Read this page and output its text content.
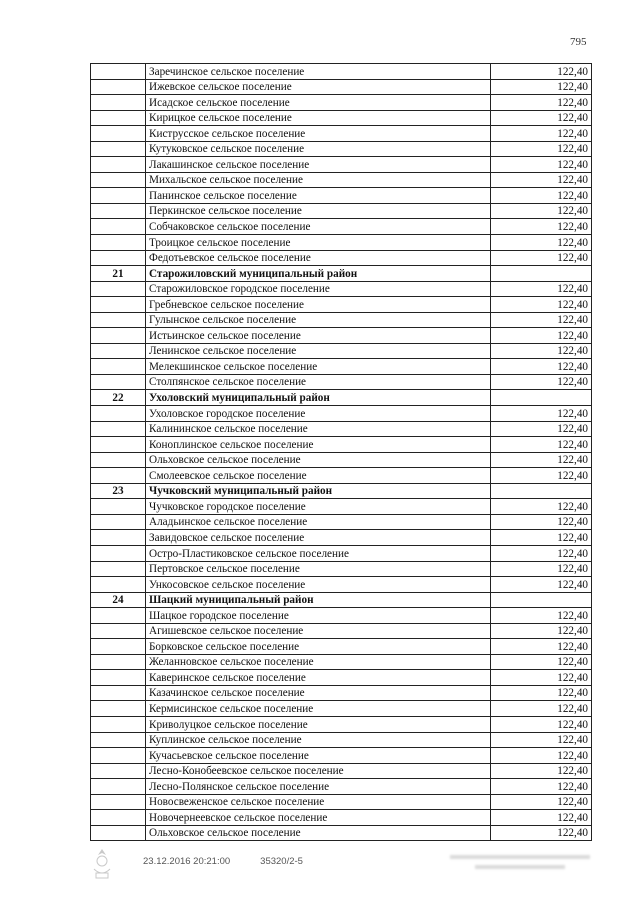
795
	Заречинское сельское поселение	122,40
	Ижевское сельское поселение	122,40
	Исадское сельское поселение	122,40
	Кирицкое сельское поселение	122,40
	Киструсское сельское поселение	122,40
	Кутуковское сельское поселение	122,40
	Лакашинское сельское поселение	122,40
	Михальское сельское поселение	122,40
	Панинское сельское поселение	122,40
	Перкинское сельское поселение	122,40
	Собчаковское сельское поселение	122,40
	Троицкое сельское поселение	122,40
	Федотьевское сельское поселение	122,40
21	Старожиловский муниципальный район	
	Старожиловское городское поселение	122,40
	Гребневское сельское поселение	122,40
	Гулынское сельское поселение	122,40
	Истьинское сельское поселение	122,40
	Ленинское сельское поселение	122,40
	Мелекшинское сельское поселение	122,40
	Столпянское сельское поселение	122,40
22	Ухоловский муниципальный район	
	Ухоловское городское поселение	122,40
	Калининское сельское поселение	122,40
	Коноплинское сельское поселение	122,40
	Ольховское сельское поселение	122,40
	Смолеевское сельское поселение	122,40
23	Чучковский муниципальный район	
	Чучковское городское поселение	122,40
	Аладьинское сельское поселение	122,40
	Завидовское сельское поселение	122,40
	Остро-Пластиковское сельское поселение	122,40
	Пертовское сельское поселение	122,40
	Ункосовское сельское поселение	122,40
24	Шацкий муниципальный район	
	Шацкое городское поселение	122,40
	Агишевское сельское поселение	122,40
	Борковское сельское поселение	122,40
	Желанновское сельское поселение	122,40
	Каверинское сельское поселение	122,40
	Казачинское сельское поселение	122,40
	Кермисинское сельское поселение	122,40
	Криволуцкое сельское поселение	122,40
	Куплинское сельское поселение	122,40
	Кучасьевское сельское поселение	122,40
	Лесно-Конобеевское сельское поселение	122,40
	Лесно-Полянское сельское поселение	122,40
	Новосвеженское сельское поселение	122,40
	Новочернеевское сельское поселение	122,40
	Ольховское сельское поселение	122,40
23.12.2016 20:21:00	35320/2-5
